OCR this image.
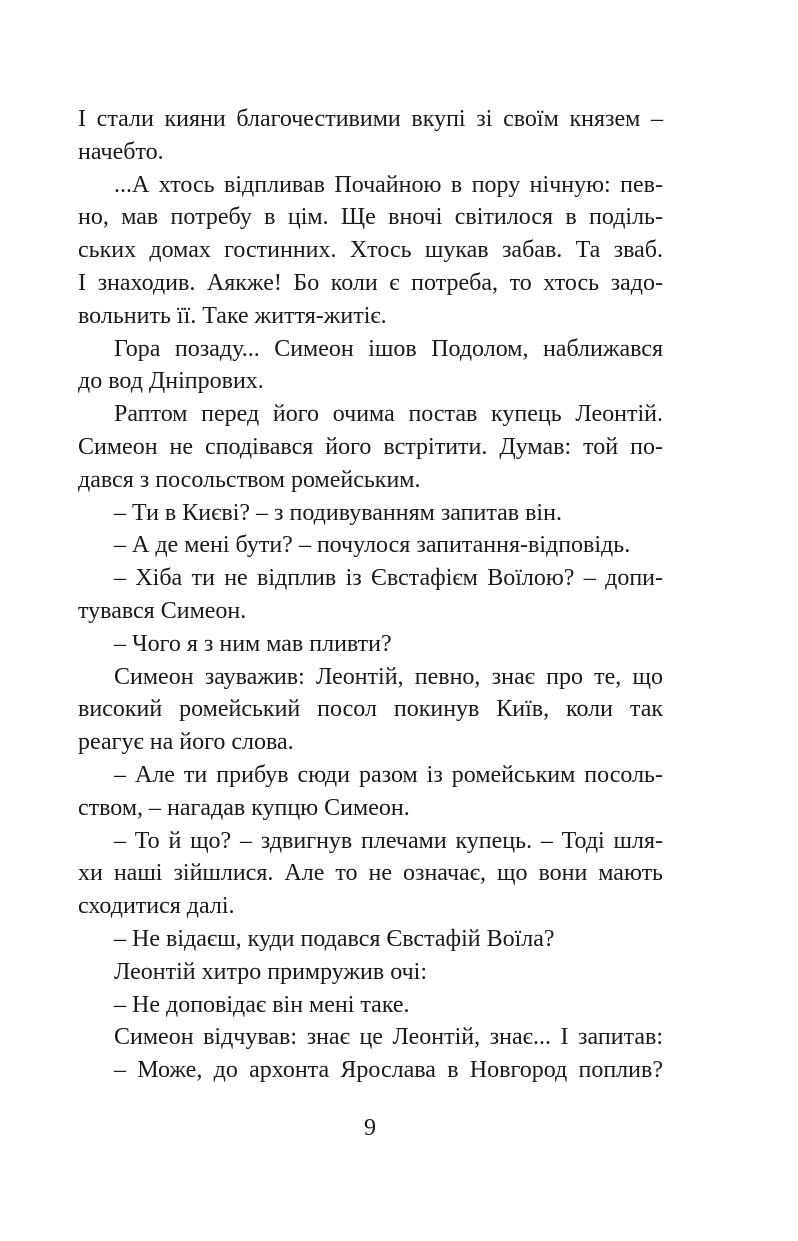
І стали кияни благочестивими вкупі зі своїм князем –
начебто.
...А хтось відпливав Почайною в пору нічную: пев-
но, мав потребу в цім. Ще вночі світилося в поділь-
ських домах гостинних. Хтось шукав забав. Та зваб.
І знаходив. Аякже! Бо коли є потреба, то хтось задо-
вольнить її. Таке життя-житіє.
Гора позаду... Симеон ішов Подолом, наближався
до вод Дніпрових.
Раптом перед його очима постав купець Леонтій.
Симеон не сподівався його встрітити. Думав: той по-
дався з посольством ромейським.
– Ти в Києві? – з подивуванням запитав він.
– А де мені бути? – почулося запитання-відповідь.
– Хіба ти не відплив із Євстафієм Воїлою? – допи-
тувався Симеон.
– Чого я з ним мав пливти?
Симеон зауважив: Леонтій, певно, знає про те, що
високий ромейський посол покинув Київ, коли так
реагує на його слова.
– Але ти прибув сюди разом із ромейським посоль-
ством, – нагадав купцю Симеон.
– То й що? – здвигнув плечами купець. – Тоді шля-
хи наші зійшлися. Але то не означає, що вони мають
сходитися далі.
– Не відаєш, куди подався Євстафій Воїла?
Леонтій хитро примружив очі:
– Не доповідає він мені таке.
Симеон відчував: знає це Леонтій, знає... І запитав:
– Може, до архонта Ярослава в Новгород поплив?
9
